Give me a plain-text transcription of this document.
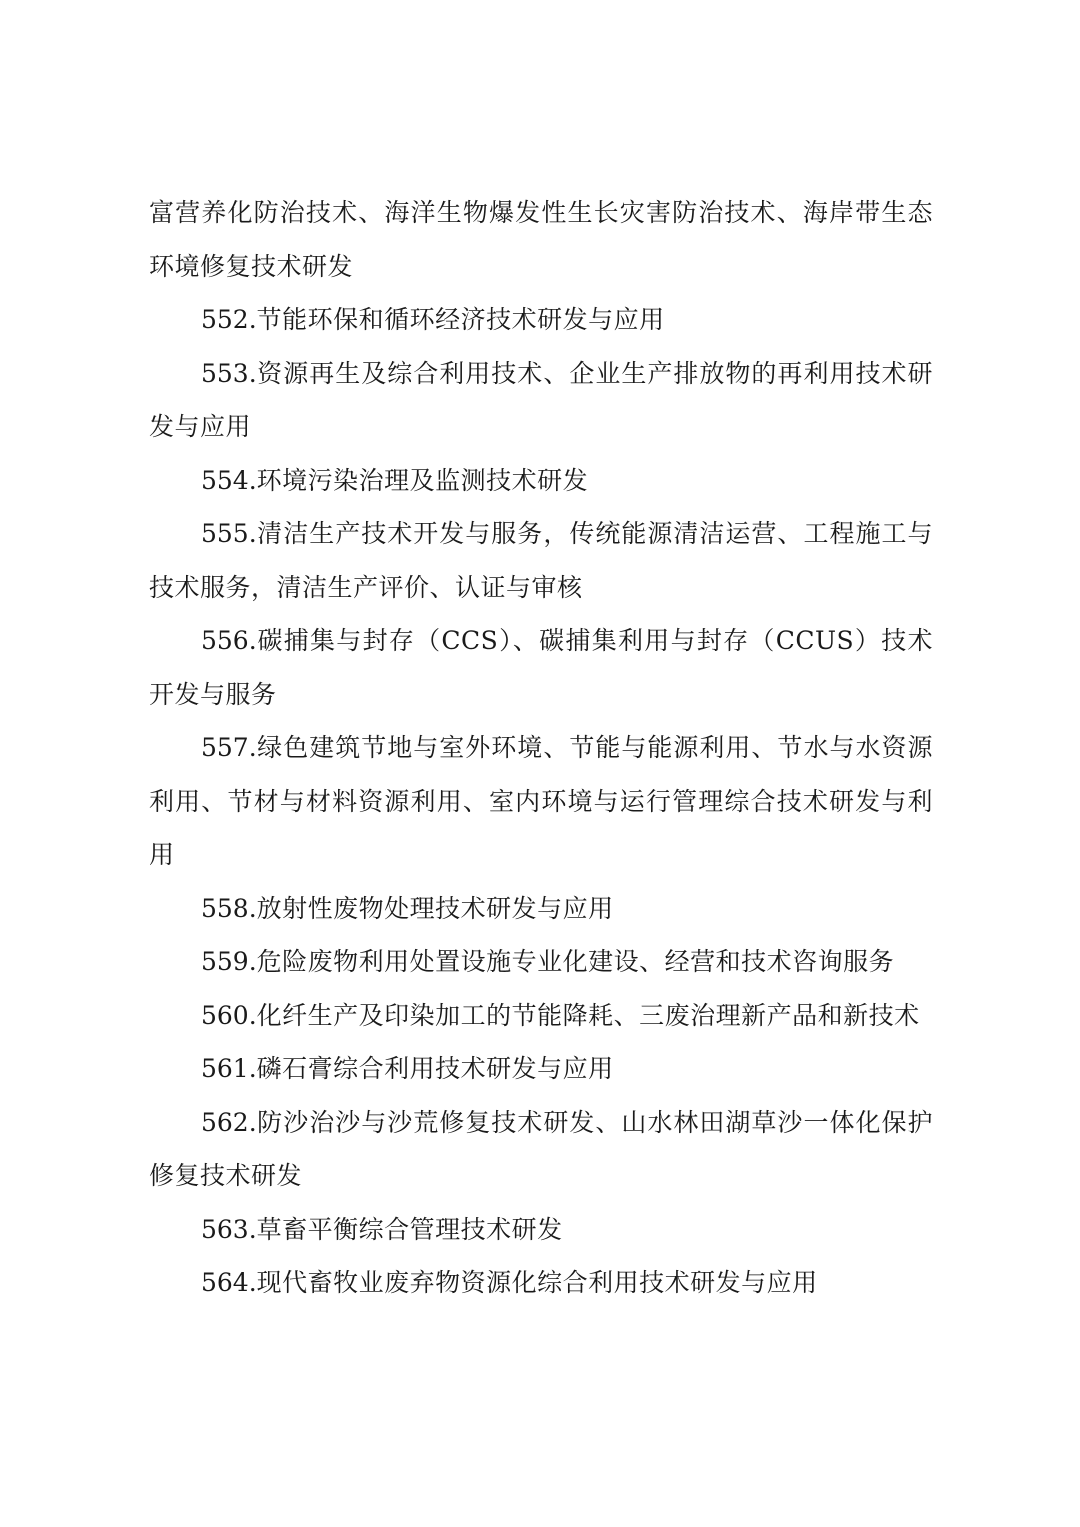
富营养化防治技术、海洋生物爆发性生长灾害防治技术、海岸带生态环境修复技术研发

552.节能环保和循环经济技术研发与应用

553.资源再生及综合利用技术、企业生产排放物的再利用技术研发与应用

554.环境污染治理及监测技术研发

555.清洁生产技术开发与服务，传统能源清洁运营、工程施工与技术服务，清洁生产评价、认证与审核

556.碳捕集与封存（CCS）、碳捕集利用与封存（CCUS）技术开发与服务

557.绿色建筑节地与室外环境、节能与能源利用、节水与水资源利用、节材与材料资源利用、室内环境与运行管理综合技术研发与利用

558.放射性废物处理技术研发与应用

559.危险废物利用处置设施专业化建设、经营和技术咨询服务

560.化纤生产及印染加工的节能降耗、三废治理新产品和新技术

561.磷石膏综合利用技术研发与应用

562.防沙治沙与沙荒修复技术研发、山水林田湖草沙一体化保护修复技术研发

563.草畜平衡综合管理技术研发

564.现代畜牧业废弃物资源化综合利用技术研发与应用
